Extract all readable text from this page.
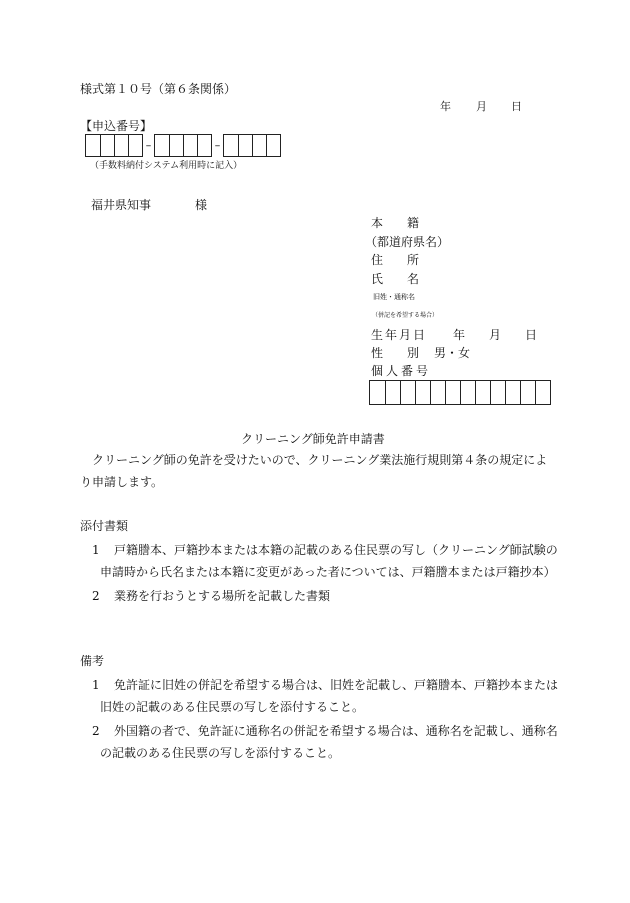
様式第１０号（第６条関係）
年 月 日
【申込番号】
–	–
（手数料納付システム利用時に記入）
福井県知事	様
本　　籍
（都道府県名）
住　　所
氏　　名
旧姓・通称名
（併記を希望する場合）
生年月日 年 月 日
性　　別 男・女
個人番号
クリーニング師免許申請書
クリーニング師の免許を受けたいので、クリーニング業法施行規則第４条の規定によ
り申請します。
添付書類
1 戸籍謄本、戸籍抄本または本籍の記載のある住民票の写し（クリーニング師試験の
申請時から氏名または本籍に変更があった者については、戸籍謄本または戸籍抄本）
2 業務を行おうとする場所を記載した書類
備考
1 免許証に旧姓の併記を希望する場合は、旧姓を記載し、戸籍謄本、戸籍抄本または
旧姓の記載のある住民票の写しを添付すること。
2 外国籍の者で、免許証に通称名の併記を希望する場合は、通称名を記載し、通称名
の記載のある住民票の写しを添付すること。
